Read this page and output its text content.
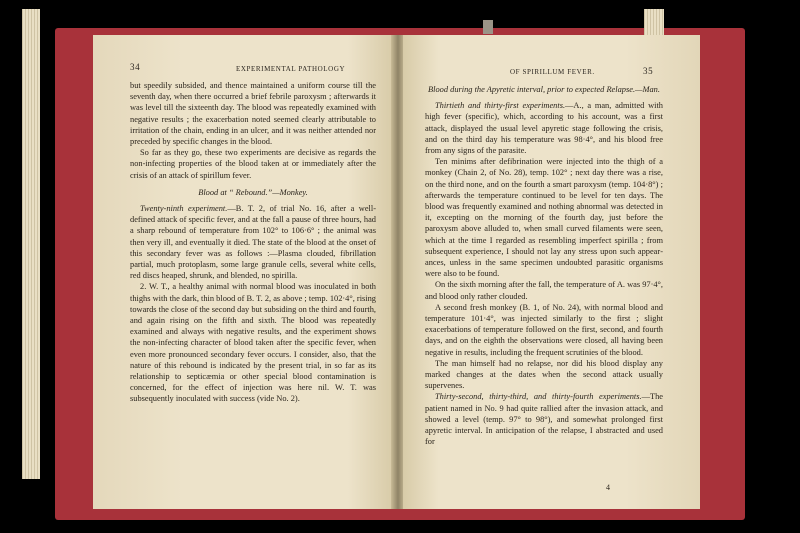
34	EXPERIMENTAL PATHOLOGY

but speedily subsided, and thence maintained a uniform course till the seventh day, when there occurred a brief febrile paroxysm ; afterwards it was level till the sixteenth day. The blood was repeatedly examined with negative results ; the exacerbation noted seemed clearly attributable to irritation of the chain, ending in an ulcer, and it was neither attended nor preceded by specific changes in the blood.

So far as they go, these two experiments are decisive as regards the non-infecting properties of the blood taken at or immediately after the crisis of an attack of spirillum fever.

Blood at “ Rebound.”—Monkey.

Twenty-ninth experiment.—B. T. 2, of trial No. 16, after a well-defined attack of specific fever, and at the fall a pause of three hours, had a sharp rebound of temperature from 102° to 106·6° ; the animal was then very ill, and eventually it died. The state of the blood at the onset of this secondary fever was as follows :—Plasma clouded, fibrillation partial, much protoplasm, some large granule cells, several white cells, red discs heaped, shrunk, and blended, no spirilla.

2. W. T., a healthy animal with normal blood was inoculated in both thighs with the dark, thin blood of B. T. 2, as above ; temp. 102·4°, rising towards the close of the second day but subsiding on the third and fourth, and again rising on the fifth and sixth. The blood was repeatedly examined and always with negative results, and the experiment shows the non-infecting character of blood taken after the specific fever, when even more pronounced secondary fever occurs. I consider, also, that the nature of this rebound is indicated by the present trial, in so far as its relationship to septicæmia or other special blood contamination is concerned, for the effect of injection was here nil. W. T. was subsequently inoculated with success (vide No. 2).

OF SPIRILLUM FEVER.	35

Blood during the Apyretic interval, prior to expected Relapse.—Man.

Thirtieth and thirty-first experiments.—A., a man, admitted with high fever (specific), which, according to his account, was a first attack, displayed the usual level apyretic stage following the crisis, and on the third day his temperature was 98·4°, and his blood free from any signs of the parasite.

Ten minims after defibrination were injected into the thigh of a monkey (Chain 2, of No. 28), temp. 102° ; next day there was a rise, on the third none, and on the fourth a smart paroxysm (temp. 104·8°) ; afterwards the temperature continued to be level for ten days. The blood was frequently examined and nothing abnormal was detected in it, excepting on the morning of the fourth day, just before the paroxysm above alluded to, when small curved filaments were seen, which at the time I regarded as resembling imperfect spirilla ; from subsequent experience, I should not lay any stress upon such appearances, unless in the same specimen undoubted parasitic organisms were also to be found.

On the sixth morning after the fall, the temperature of A. was 97·4°, and blood only rather clouded.

A second fresh monkey (B. 1, of No. 24), with normal blood and temperature 101·4°, was injected similarly to the first ; slight exacerbations of temperature followed on the first, second, and fourth days, and on the eighth the observations were closed, all having been negative in results, including the frequent scrutinies of the blood.

The man himself had no relapse, nor did his blood display any marked changes at the dates when the second attack usually supervenes.

Thirty-second, thirty-third, and thirty-fourth experiments.—The patient named in No. 9 had quite rallied after the invasion attack, and showed a level (temp. 97° to 98°), and somewhat prolonged first apyretic interval. In anticipation of the relapse, I abstracted and used for

4
